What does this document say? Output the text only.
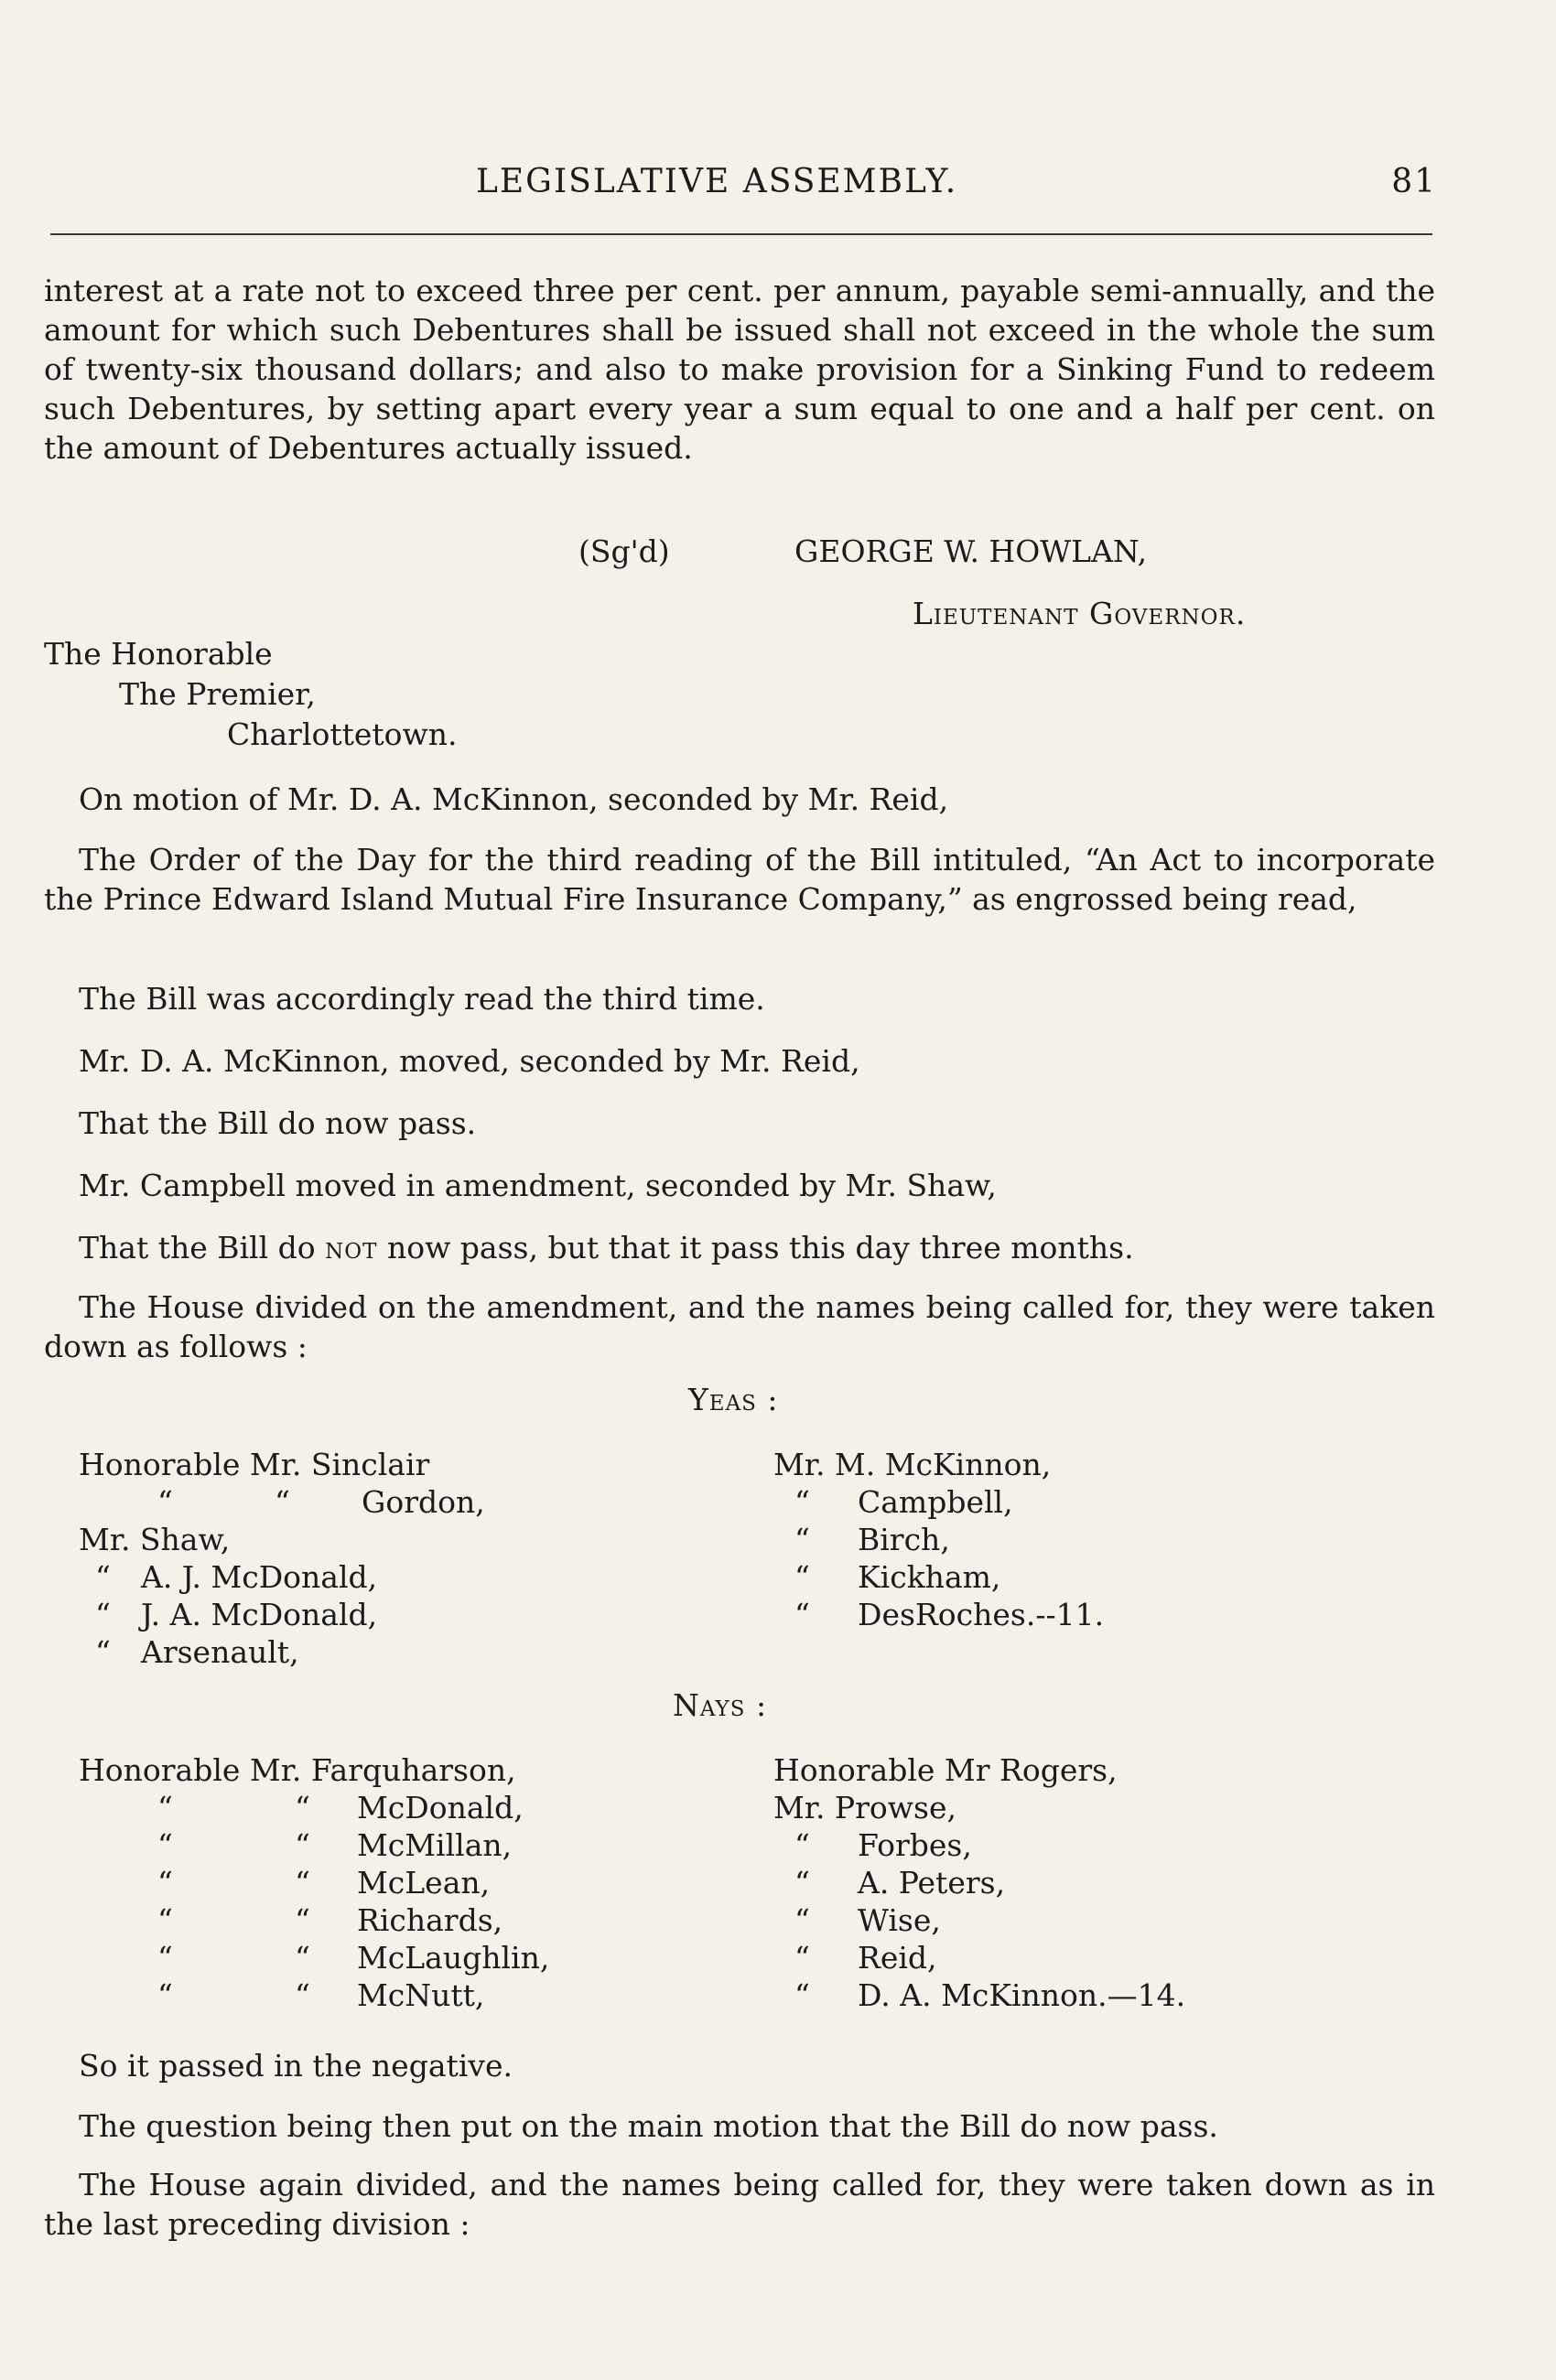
LEGISLATIVE ASSEMBLY.	81
interest at a rate not to exceed three per cent. per annum, payable semi-annually, and the amount for which such Debentures shall be issued shall not exceed in the whole the sum of twenty-six thousand dollars; and also to make provision for a Sinking Fund to redeem such Debentures, by setting apart every year a sum equal to one and a half per cent. on the amount of Debentures actually issued.
(Sg'd)	GEORGE W. HOWLAN,
Lieutenant Governor.
The Honorable
The Premier,
Charlottetown.
On motion of Mr. D. A. McKinnon, seconded by Mr. Reid,
The Order of the Day for the third reading of the Bill intituled, “An Act to incorporate the Prince Edward Island Mutual Fire Insurance Company,” as engrossed being read,
The Bill was accordingly read the third time.
Mr. D. A. McKinnon, moved, seconded by Mr. Reid,
That the Bill do now pass.
Mr. Campbell moved in amendment, seconded by Mr. Shaw,
That the Bill do not now pass, but that it pass this day three months.
The House divided on the amendment, and the names being called for, they were taken down as follows :
Yeas :
Honorable Mr. Sinclair
“	“ Gordon,
Mr. Shaw,
“ A. J. McDonald,
“ J. A. McDonald,
“ Arsenault,
Mr. M. McKinnon,
“ Campbell,
“ Birch,
“ Kickham,
“ DesRoches.--11.
Nays :
Honorable Mr. Farquharson,
“	“ McDonald,
“	“ McMillan,
“	“ McLean,
“	“ Richards,
“	“ McLaughlin,
“	“ McNutt,
Honorable Mr Rogers,
Mr. Prowse,
“ Forbes,
“ A. Peters,
“ Wise,
“ Reid,
“ D. A. McKinnon.—14.
So it passed in the negative.
The question being then put on the main motion that the Bill do now pass.
The House again divided, and the names being called for, they were taken down as in the last preceding division :
